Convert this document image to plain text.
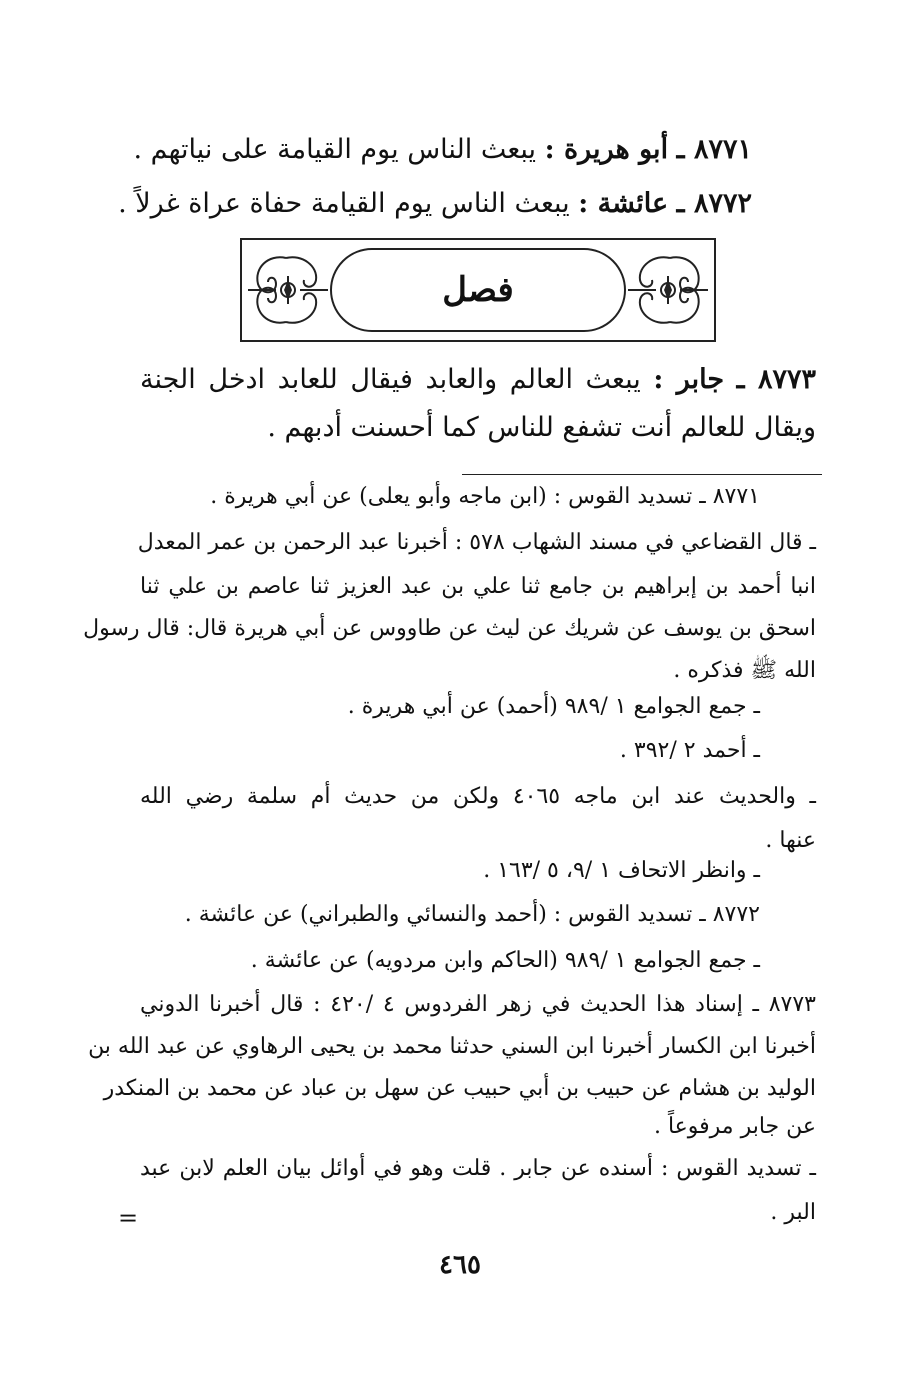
٨٧٧١ ـ أبو هريرة : يبعث الناس يوم القيامة على نياتهم .
٨٧٧٢ ـ عائشة : يبعث الناس يوم القيامة حفاة عراة غرلاً .
فصل
٨٧٧٣ ـ جابر : يبعث العالم والعابد فيقال للعابد ادخل الجنة
ويقال للعالم أنت تشفع للناس كما أحسنت أدبهم .
٨٧٧١ ـ تسديد القوس : (ابن ماجه وأبو يعلى) عن أبي هريرة .
ـ قال القضاعي في مسند الشهاب ٥٧٨ : أخبرنا عبد الرحمن بن عمر المعدل
انبا أحمد بن إبراهيم بن جامع ثنا علي بن عبد العزيز ثنا عاصم بن علي ثنا
اسحق بن يوسف عن شريك عن ليث عن طاووس عن أبي هريرة قال: قال رسول
الله ﷺ فذكره .
ـ جمع الجوامع ١ /٩٨٩ (أحمد) عن أبي هريرة .
ـ أحمد ٢ /٣٩٢ .
ـ والحديث عند ابن ماجه ٤٠٦٥ ولكن من حديث أم سلمة رضي الله
عنها .
ـ وانظر الاتحاف ١ /٩، ٥ /١٦٣ .
٨٧٧٢ ـ تسديد القوس : (أحمد والنسائي والطبراني) عن عائشة .
ـ جمع الجوامع ١ /٩٨٩ (الحاكم وابن مردويه) عن عائشة .
٨٧٧٣ ـ إسناد هذا الحديث في زهر الفردوس ٤ /٤٢٠ : قال أخبرنا الدوني
أخبرنا ابن الكسار أخبرنا ابن السني حدثنا محمد بن يحيى الرهاوي عن عبد الله بن
الوليد بن هشام عن حبيب بن أبي حبيب عن سهل بن عباد عن محمد بن المنكدر
عن جابر مرفوعاً .
ـ تسديد القوس : أسنده عن جابر . قلت وهو في أوائل بيان العلم لابن عبد
البر .
=
٤٦٥
